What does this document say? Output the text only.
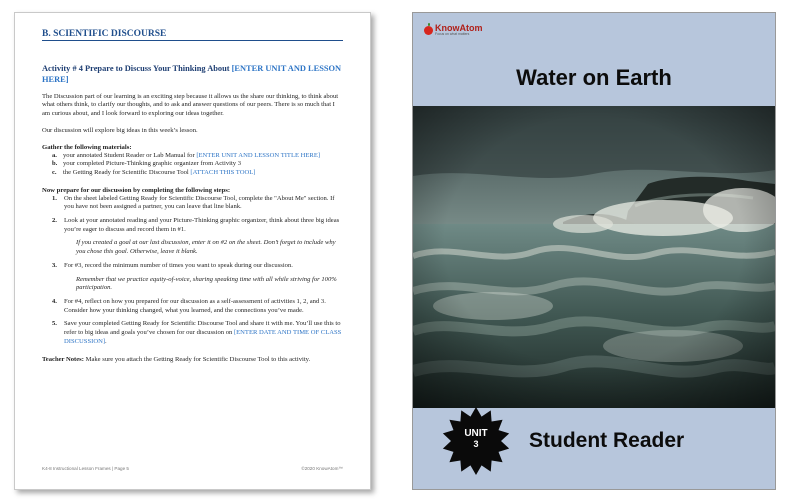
B. SCIENTIFIC DISCOURSE
Activity # 4 Prepare to Discuss Your Thinking About [ENTER UNIT AND LESSON HERE]

The Discussion part of our learning is an exciting step because it allows us the share our thinking, to think about what others think, to clarify our thoughts, and to ask and answer questions of our peers. There is so much that I am curious about, and I look forward to exploring our ideas together.

Our discussion will explore big ideas in this week’s lesson.

Gather the following materials:
a. your annotated Student Reader or Lab Manual for [ENTER UNIT AND LESSON TITLE HERE]
b. your completed Picture-Thinking graphic organizer from Activity 3
c. the Getting Ready for Scientific Discourse Tool [ATTACH THIS TOOL]
Now prepare for our discussion by completing the following steps:
1.	On the sheet labeled Getting Ready for Scientific Discourse Tool, complete the "About Me" section. If you have not been assigned a partner, you can leave that line blank.
2.	Look at your annotated reading and your Picture-Thinking graphic organizer, think about three big ideas you’re eager to discuss and record them in #1.
If you created a goal at our last discussion, enter it on #2 on the sheet. Don’t forget to include why you chose this goal. Otherwise, leave it blank.
3.	For #3, record the minimum number of times you want to speak during our discussion.
Remember that we practice equity-of-voice, sharing speaking time with all while striving for 100% participation.
4.	For #4, reflect on how you prepared for our discussion as a self-assessment of activities 1, 2, and 3. Consider how your thinking changed, what you learned, and the connections you’ve made.
5.	Save your completed Getting Ready for Scientific Discourse Tool and share it with me. You’ll use this to refer to big ideas and goals you’ve chosen for our discussion on [ENTER DATE AND TIME OF CLASS DISCUSSION].

Teacher Notes: Make sure you attach the Getting Ready for Scientific Discourse Tool to this activity.

K4-8 Instructional Lesson Frames | Page 5	©2020 KnowAtom™
KnowAtom
Focus on what matters
Water on Earth
UNIT
3	Student Reader
